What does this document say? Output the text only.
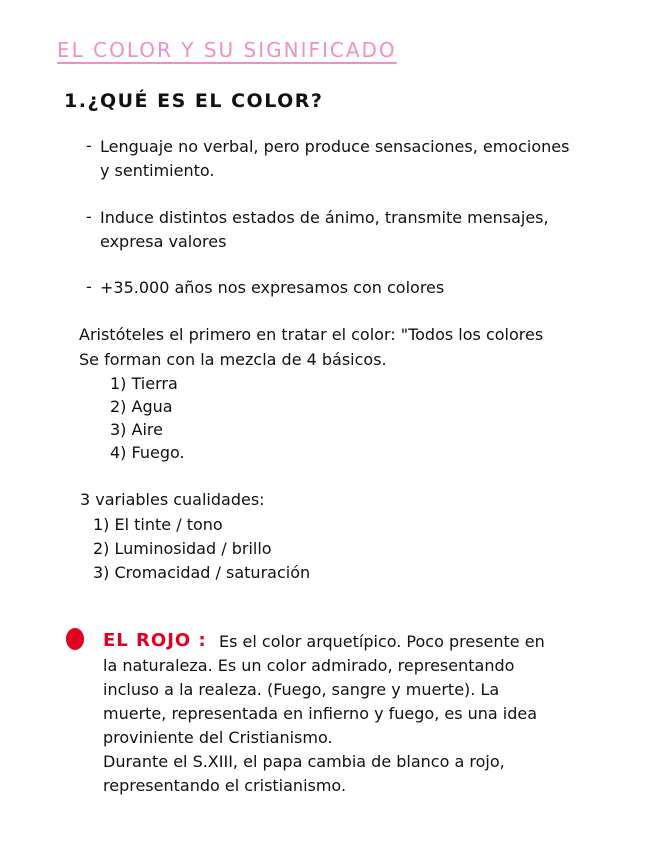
EL COLOR Y SU SIGNIFICADO
1.¿QUÉ ES EL COLOR?
- Lenguaje no verbal, pero produce sensaciones, emociones
y sentimiento.
- Induce distintos estados de ánimo, transmite mensajes,
expresa valores
- +35.000 años nos expresamos con colores
Aristóteles el primero en tratar el color: "Todos los colores
Se forman con la mezcla de 4 básicos.
1) Tierra
2) Agua
3) Aire
4) Fuego.
3 variables cualidades:
1) El tinte / tono
2) Luminosidad / brillo
3) Cromacidad / saturación
EL ROJO : Es el color arquetípico. Poco presente en
la naturaleza. Es un color admirado, representando
incluso a la realeza. (Fuego, sangre y muerte). La
muerte, representada en infierno y fuego, es una idea
proviniente del Cristianismo.
Durante el S.XIII, el papa cambia de blanco a rojo,
representando el cristianismo.
